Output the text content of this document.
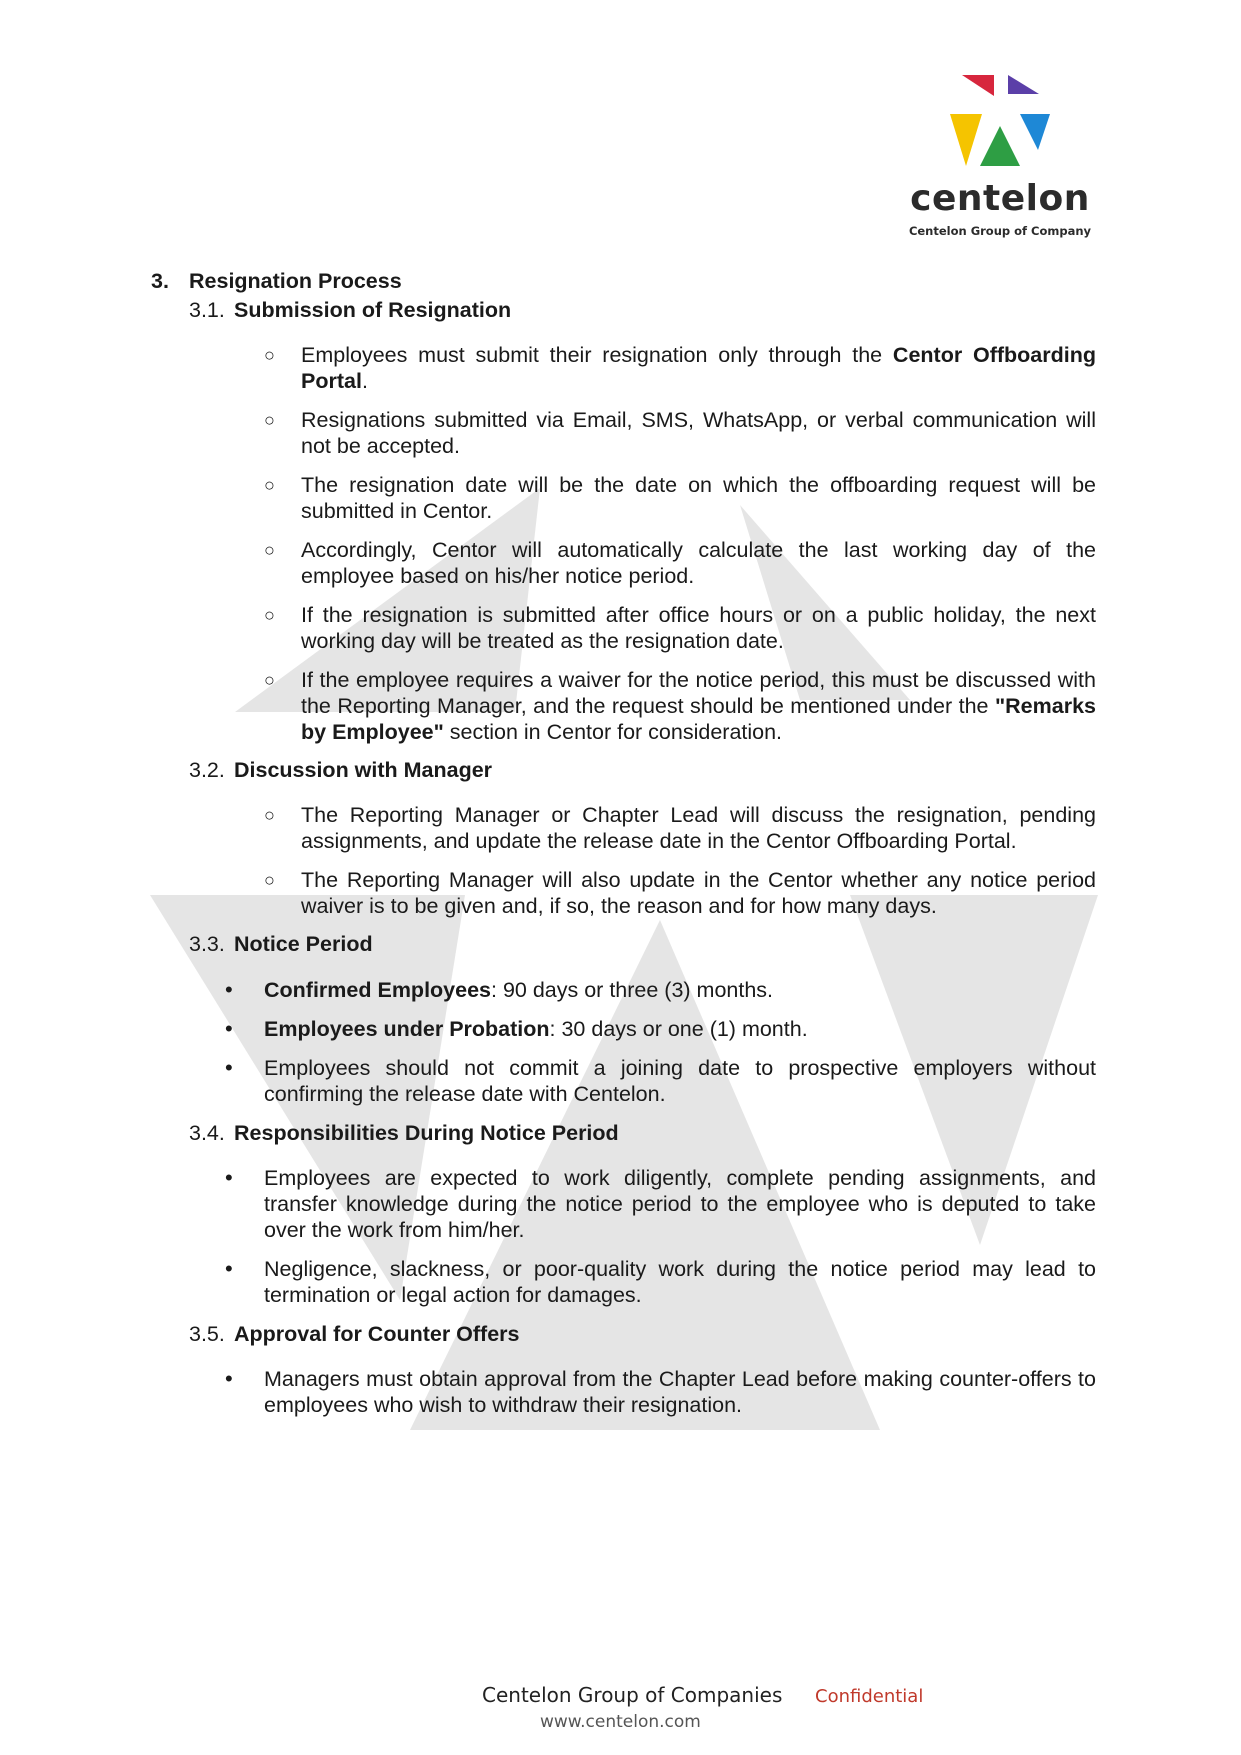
centelon
Centelon Group of Company
3. Resignation Process
3.1. Submission of Resignation
○ Employees must submit their resignation only through the Centor Offboarding Portal.
○ Resignations submitted via Email, SMS, WhatsApp, or verbal communication will not be accepted.
○ The resignation date will be the date on which the offboarding request will be submitted in Centor.
○ Accordingly, Centor will automatically calculate the last working day of the employee based on his/her notice period.
○ If the resignation is submitted after office hours or on a public holiday, the next working day will be treated as the resignation date.
○ If the employee requires a waiver for the notice period, this must be discussed with the Reporting Manager, and the request should be mentioned under the "Remarks by Employee" section in Centor for consideration.
3.2. Discussion with Manager
○ The Reporting Manager or Chapter Lead will discuss the resignation, pending assignments, and update the release date in the Centor Offboarding Portal.
○ The Reporting Manager will also update in the Centor whether any notice period waiver is to be given and, if so, the reason and for how many days.
3.3. Notice Period
• Confirmed Employees: 90 days or three (3) months.
• Employees under Probation: 30 days or one (1) month.
• Employees should not commit a joining date to prospective employers without confirming the release date with Centelon.
3.4. Responsibilities During Notice Period
• Employees are expected to work diligently, complete pending assignments, and transfer knowledge during the notice period to the employee who is deputed to take over the work from him/her.
• Negligence, slackness, or poor-quality work during the notice period may lead to termination or legal action for damages.
3.5. Approval for Counter Offers
• Managers must obtain approval from the Chapter Lead before making counter-offers to employees who wish to withdraw their resignation.
Centelon Group of Companies Confidential
www.centelon.com
